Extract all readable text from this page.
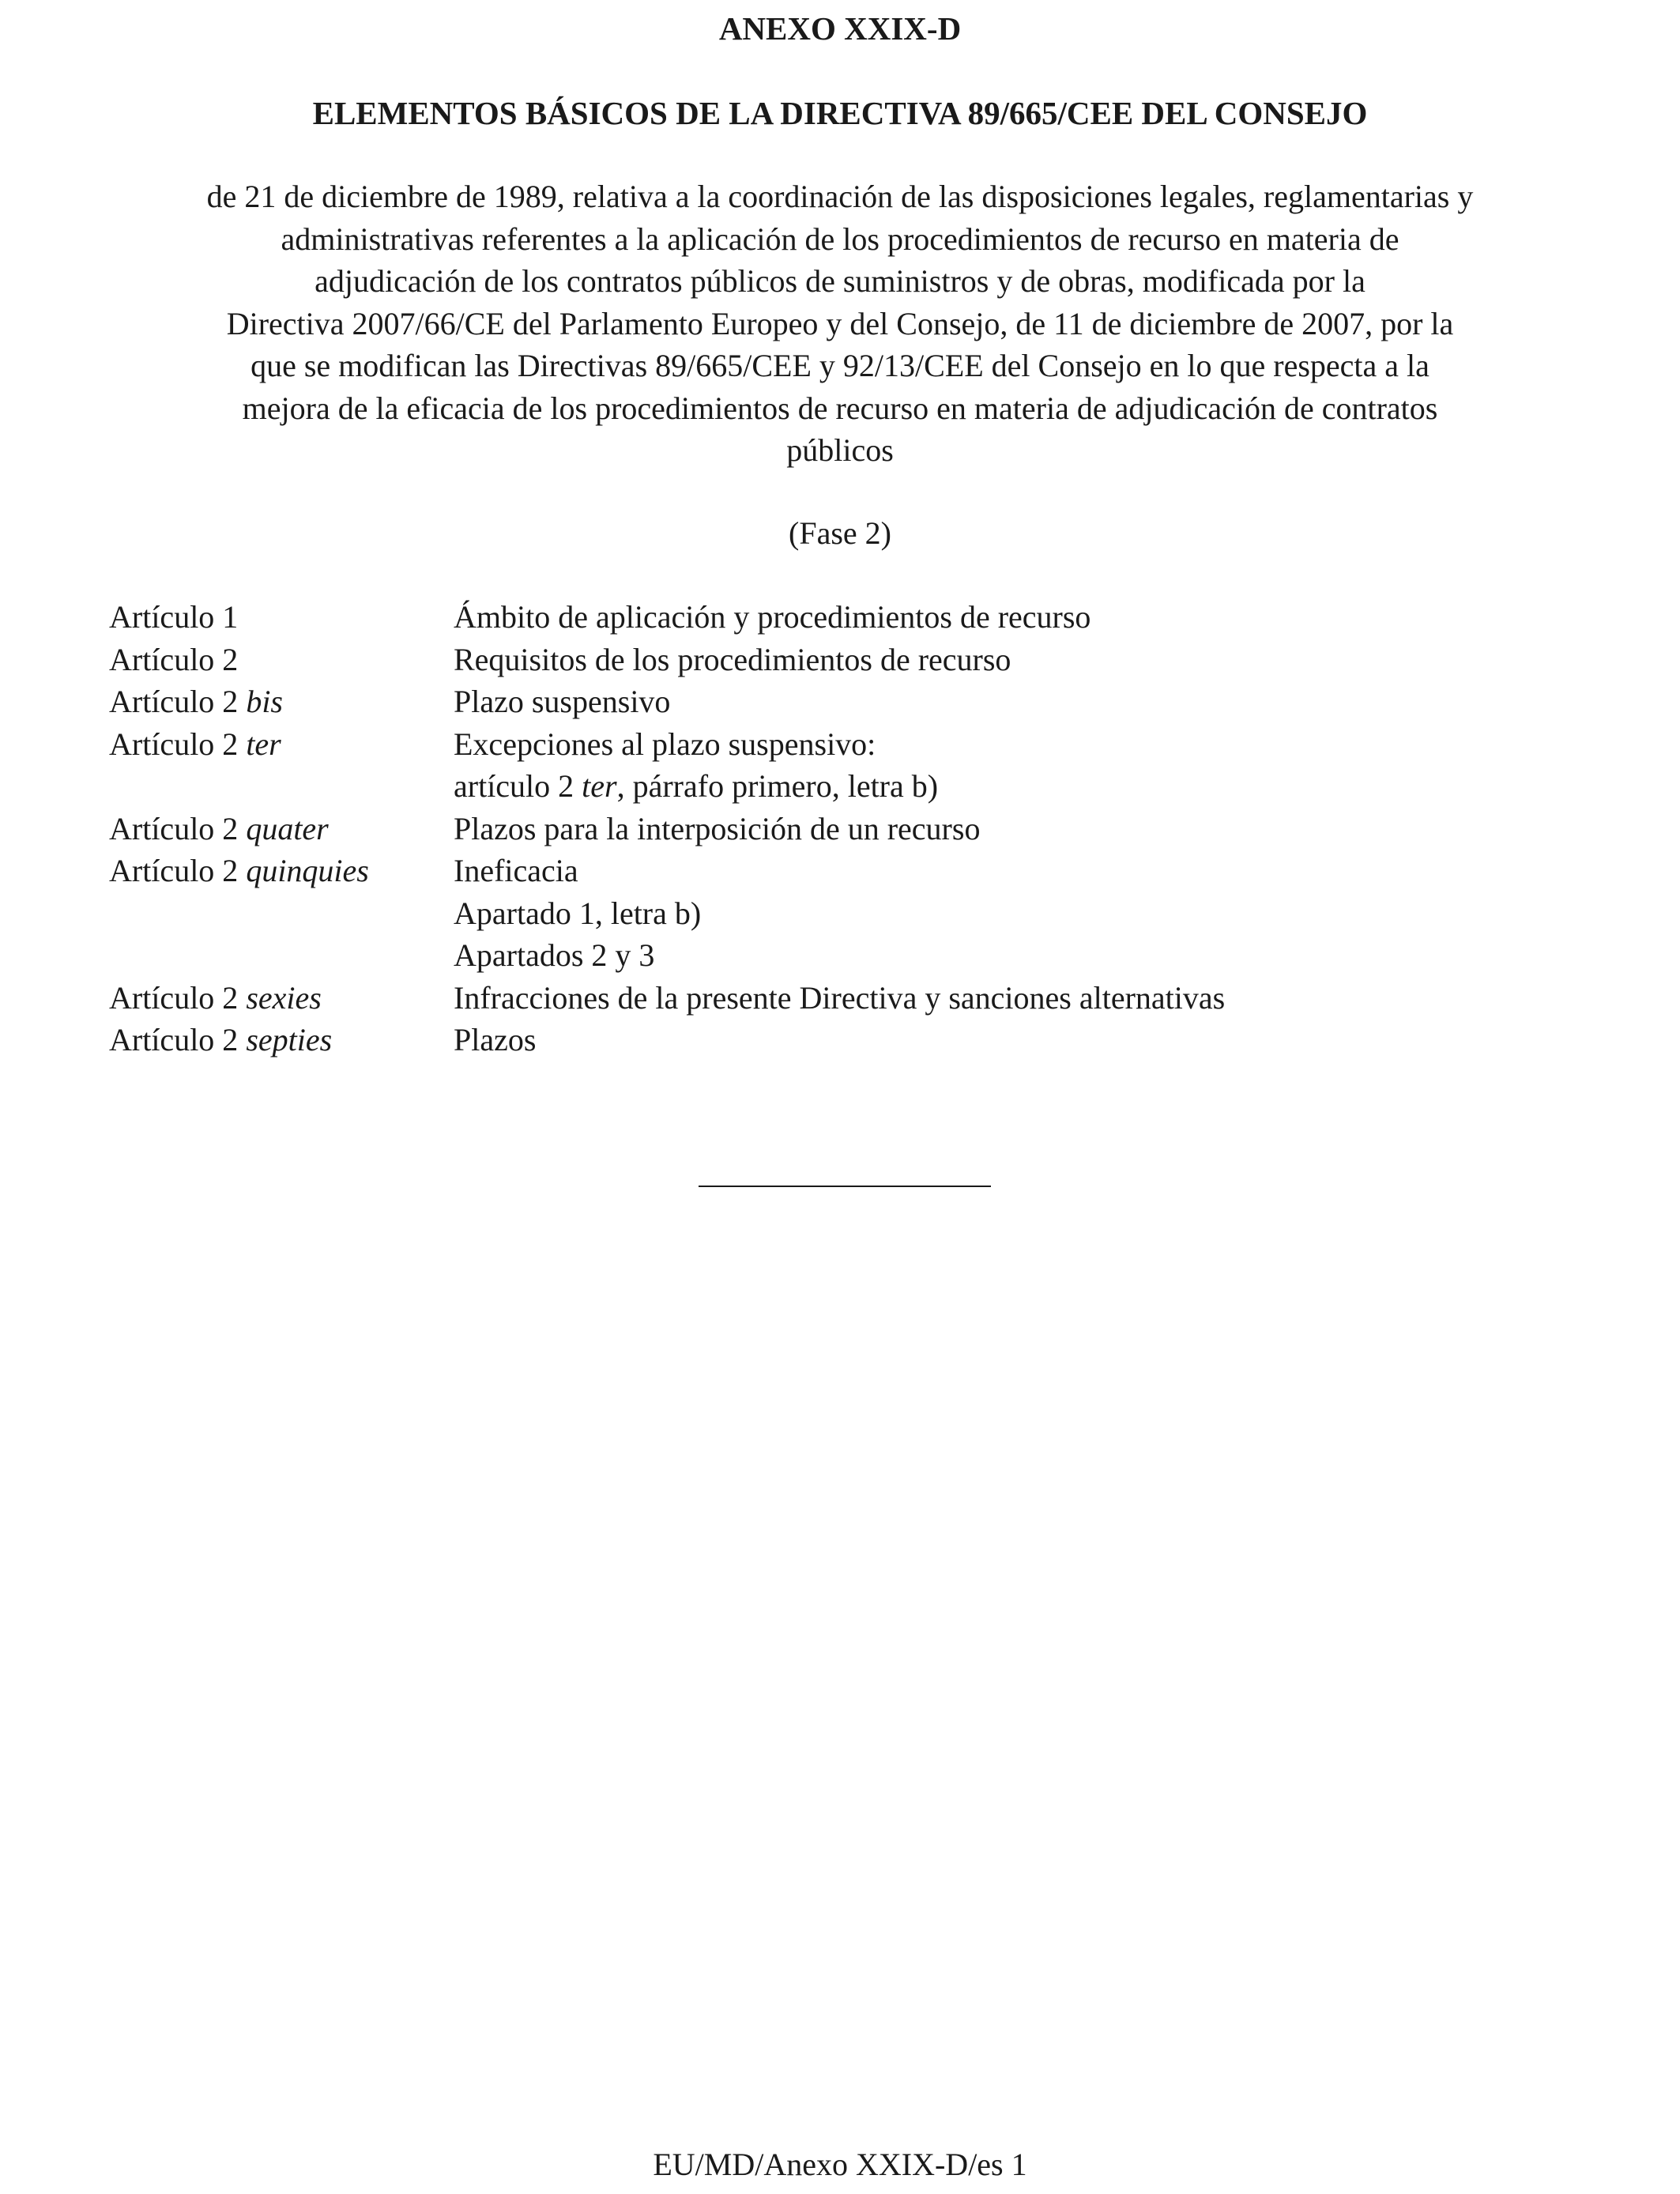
ANEXO XXIX-D
ELEMENTOS BÁSICOS DE LA DIRECTIVA 89/665/CEE DEL CONSEJO

de 21 de diciembre de 1989, relativa a la coordinación de las disposiciones legales, reglamentarias y
administrativas referentes a la aplicación de los procedimientos de recurso en materia de
adjudicación de los contratos públicos de suministros y de obras, modificada por la
Directiva 2007/66/CE del Parlamento Europeo y del Consejo, de 11 de diciembre de 2007, por la
que se modifican las Directivas 89/665/CEE y 92/13/CEE del Consejo en lo que respecta a la
mejora de la eficacia de los procedimientos de recurso en materia de adjudicación de contratos
públicos

(Fase 2)

Artículo 1	Ámbito de aplicación y procedimientos de recurso
Artículo 2	Requisitos de los procedimientos de recurso
Artículo 2 bis	Plazo suspensivo
Artículo 2 ter	Excepciones al plazo suspensivo:
artículo 2 ter, párrafo primero, letra b)
Artículo 2 quater	Plazos para la interposición de un recurso
Artículo 2 quinquies	Ineficacia
Apartado 1, letra b)
Apartados 2 y 3
Artículo 2 sexies	Infracciones de la presente Directiva y sanciones alternativas
Artículo 2 septies	Plazos

EU/MD/Anexo XXIX-D/es 1
